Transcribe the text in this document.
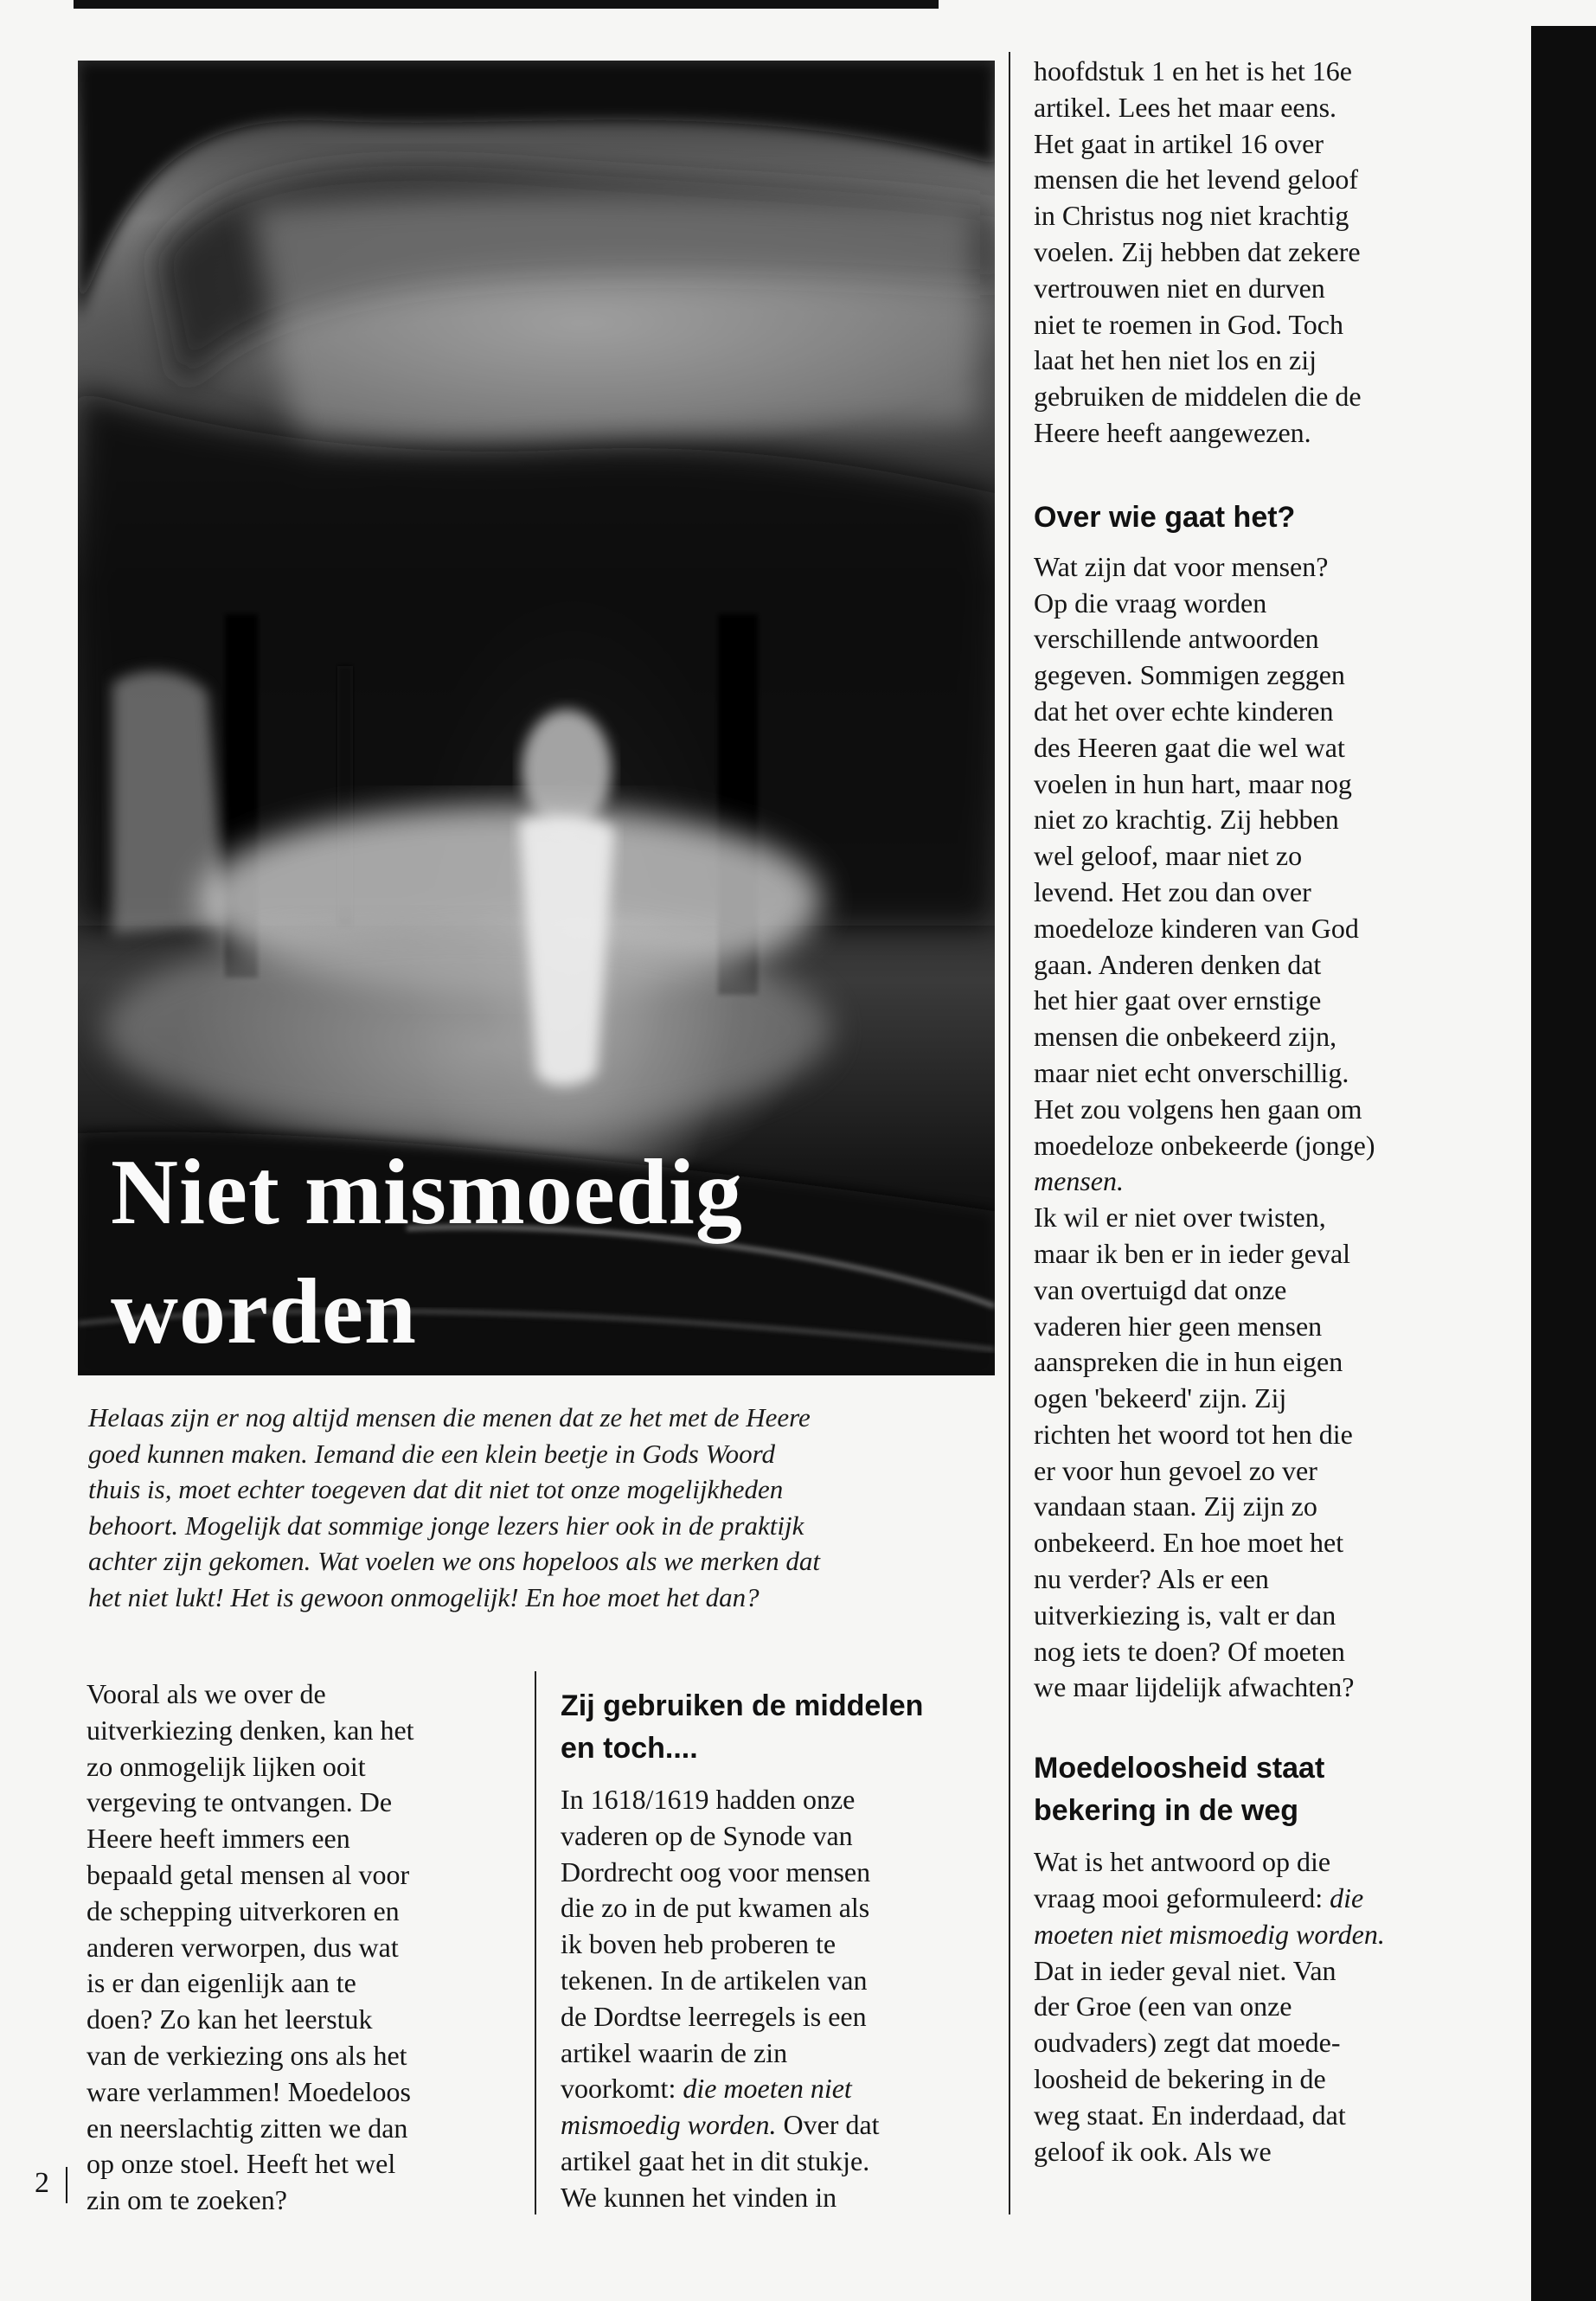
Niet mismoedig
worden

Helaas zijn er nog altijd mensen die menen dat ze het met de Heere
goed kunnen maken. Iemand die een klein beetje in Gods Woord
thuis is, moet echter toegeven dat dit niet tot onze mogelijkheden
behoort. Mogelijk dat sommige jonge lezers hier ook in de praktijk
achter zijn gekomen. Wat voelen we ons hopeloos als we merken dat
het niet lukt! Het is gewoon onmogelijk! En hoe moet het dan?

Vooral als we over de
uitverkiezing denken, kan het
zo onmogelijk lijken ooit
vergeving te ontvangen. De
Heere heeft immers een
bepaald getal mensen al voor
de schepping uitverkoren en
anderen verworpen, dus wat
is er dan eigenlijk aan te
doen? Zo kan het leerstuk
van de verkiezing ons als het
ware verlammen! Moedeloos
en neerslachtig zitten we dan
op onze stoel. Heeft het wel
zin om te zoeken?
Zij gebruiken de middelen
en toch....
In 1618/1619 hadden onze
vaderen op de Synode van
Dordrecht oog voor mensen
die zo in de put kwamen als
ik boven heb proberen te
tekenen. In de artikelen van
de Dordtse leerregels is een
artikel waarin de zin
voorkomt: die moeten niet
mismoedig worden. Over dat
artikel gaat het in dit stukje.
We kunnen het vinden in
hoofdstuk 1 en het is het 16e
artikel. Lees het maar eens.
Het gaat in artikel 16 over
mensen die het levend geloof
in Christus nog niet krachtig
voelen. Zij hebben dat zekere
vertrouwen niet en durven
niet te roemen in God. Toch
laat het hen niet los en zij
gebruiken de middelen die de
Heere heeft aangewezen.
Over wie gaat het?
Wat zijn dat voor mensen?
Op die vraag worden
verschillende antwoorden
gegeven. Sommigen zeggen
dat het over echte kinderen
des Heeren gaat die wel wat
voelen in hun hart, maar nog
niet zo krachtig. Zij hebben
wel geloof, maar niet zo
levend. Het zou dan over
moedeloze kinderen van God
gaan. Anderen denken dat
het hier gaat over ernstige
mensen die onbekeerd zijn,
maar niet echt onverschillig.
Het zou volgens hen gaan om
moedeloze onbekeerde (jonge)
mensen.
Ik wil er niet over twisten,
maar ik ben er in ieder geval
van overtuigd dat onze
vaderen hier geen mensen
aanspreken die in hun eigen
ogen 'bekeerd' zijn. Zij
richten het woord tot hen die
er voor hun gevoel zo ver
vandaan staan. Zij zijn zo
onbekeerd. En hoe moet het
nu verder? Als er een
uitverkiezing is, valt er dan
nog iets te doen? Of moeten
we maar lijdelijk afwachten?
Moedeloosheid staat
bekering in de weg
Wat is het antwoord op die
vraag mooi geformuleerd: die
moeten niet mismoedig worden.
Dat in ieder geval niet. Van
der Groe (een van onze
oudvaders) zegt dat moede-
loosheid de bekering in de
weg staat. En inderdaad, dat
geloof ik ook. Als we
2
